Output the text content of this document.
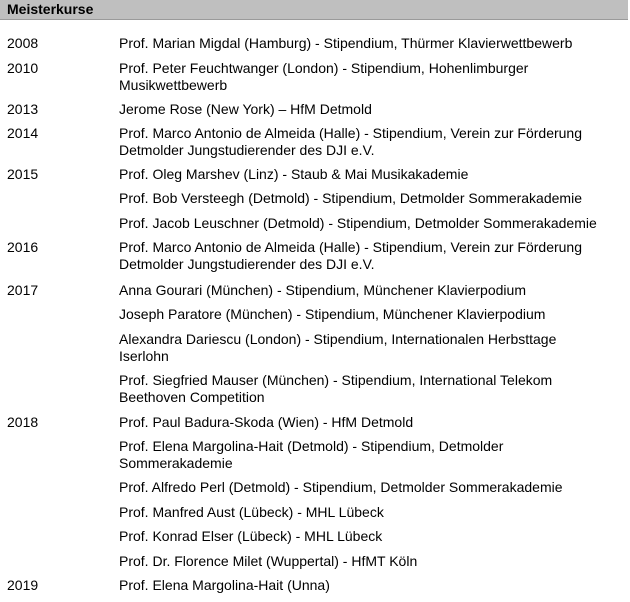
Meisterkurse
2008	Prof. Marian Migdal (Hamburg) - Stipendium, Thürmer Klavierwettbewerb
2010	Prof. Peter Feuchtwanger (London) - Stipendium, Hohenlimburger
Musikwettbewerb
2013	Jerome Rose (New York) – HfM Detmold
2014	Prof. Marco Antonio de Almeida (Halle) - Stipendium, Verein zur Förderung
Detmolder Jungstudierender des DJI e.V.
2015	Prof. Oleg Marshev (Linz) - Staub & Mai Musikakademie
Prof. Bob Versteegh (Detmold) - Stipendium, Detmolder Sommerakademie
Prof. Jacob Leuschner (Detmold) - Stipendium, Detmolder Sommerakademie
2016	Prof. Marco Antonio de Almeida (Halle) - Stipendium, Verein zur Förderung
Detmolder Jungstudierender des DJI e.V.
2017	Anna Gourari (München) - Stipendium, Münchener Klavierpodium
Joseph Paratore (München) - Stipendium, Münchener Klavierpodium
Alexandra Dariescu (London) - Stipendium, Internationalen Herbsttage
Iserlohn
Prof. Siegfried Mauser (München) - Stipendium, International Telekom
Beethoven Competition
2018	Prof. Paul Badura-Skoda (Wien) - HfM Detmold
Prof. Elena Margolina-Hait (Detmold) - Stipendium, Detmolder
Sommerakademie
Prof. Alfredo Perl (Detmold) - Stipendium, Detmolder Sommerakademie
Prof. Manfred Aust (Lübeck) - MHL Lübeck
Prof. Konrad Elser (Lübeck) - MHL Lübeck
Prof. Dr. Florence Milet (Wuppertal) - HfMT Köln
2019	Prof. Elena Margolina-Hait (Unna)
